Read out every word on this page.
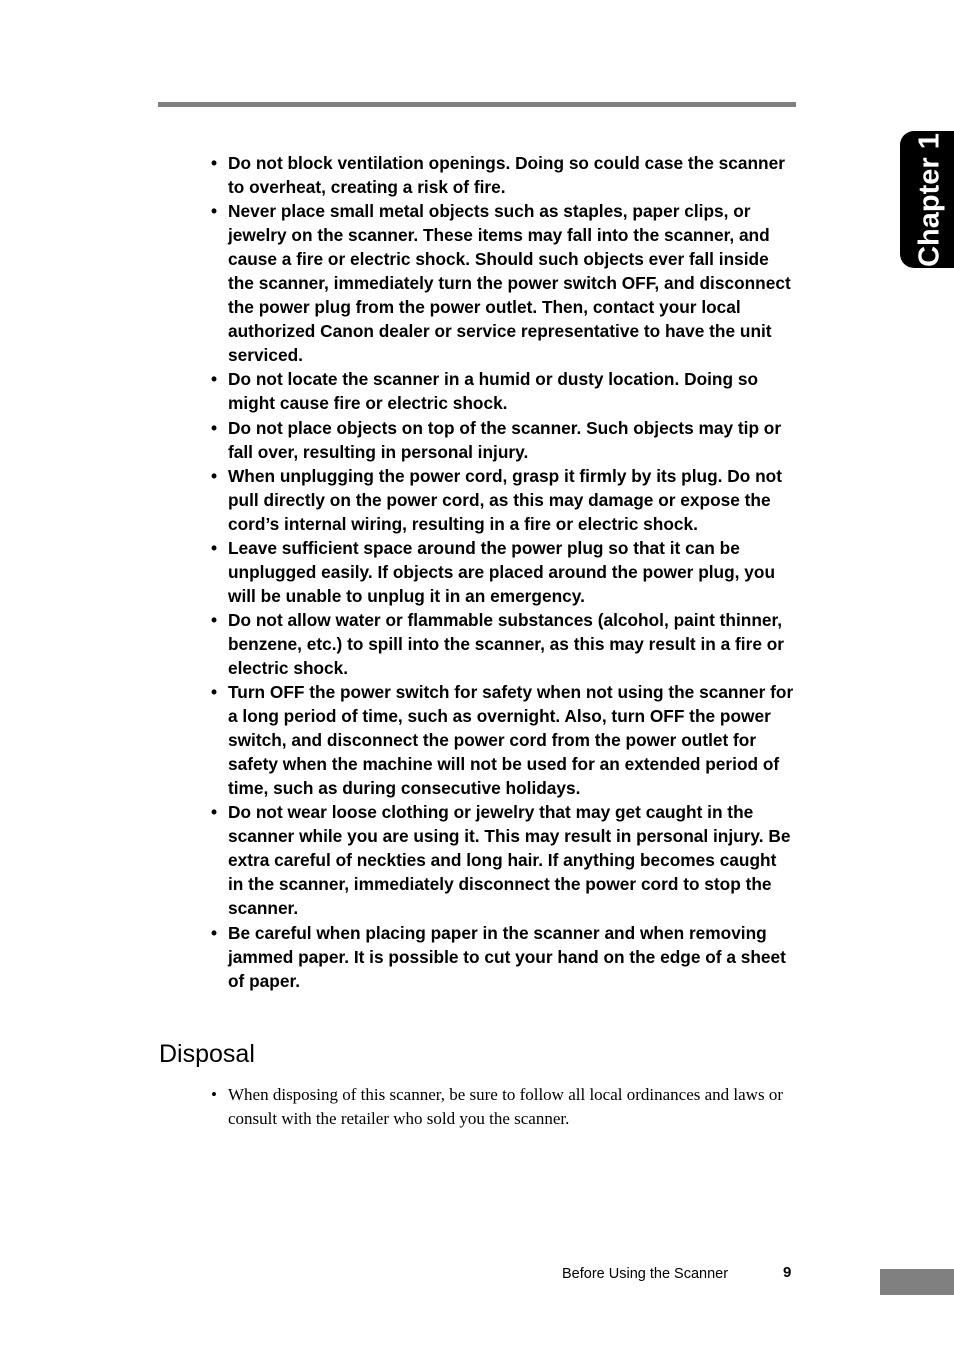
Chapter 1
• Do not block ventilation openings. Doing so could case the scanner to overheat, creating a risk of fire.
• Never place small metal objects such as staples, paper clips, or jewelry on the scanner. These items may fall into the scanner, and cause a fire or electric shock. Should such objects ever fall inside the scanner, immediately turn the power switch OFF, and disconnect the power plug from the power outlet. Then, contact your local authorized Canon dealer or service representative to have the unit serviced.
• Do not locate the scanner in a humid or dusty location. Doing so might cause fire or electric shock.
• Do not place objects on top of the scanner. Such objects may tip or fall over, resulting in personal injury.
• When unplugging the power cord, grasp it firmly by its plug. Do not pull directly on the power cord, as this may damage or expose the cord’s internal wiring, resulting in a fire or electric shock.
• Leave sufficient space around the power plug so that it can be unplugged easily. If objects are placed around the power plug, you will be unable to unplug it in an emergency.
• Do not allow water or flammable substances (alcohol, paint thinner, benzene, etc.) to spill into the scanner, as this may result in a fire or electric shock.
• Turn OFF the power switch for safety when not using the scanner for a long period of time, such as overnight. Also, turn OFF the power switch, and disconnect the power cord from the power outlet for safety when the machine will not be used for an extended period of time, such as during consecutive holidays.
• Do not wear loose clothing or jewelry that may get caught in the scanner while you are using it. This may result in personal injury. Be extra careful of neckties and long hair. If anything becomes caught in the scanner, immediately disconnect the power cord to stop the scanner.
• Be careful when placing paper in the scanner and when removing jammed paper. It is possible to cut your hand on the edge of a sheet of paper.
Disposal
• When disposing of this scanner, be sure to follow all local ordinances and laws or consult with the retailer who sold you the scanner.
Before Using the Scanner	9
